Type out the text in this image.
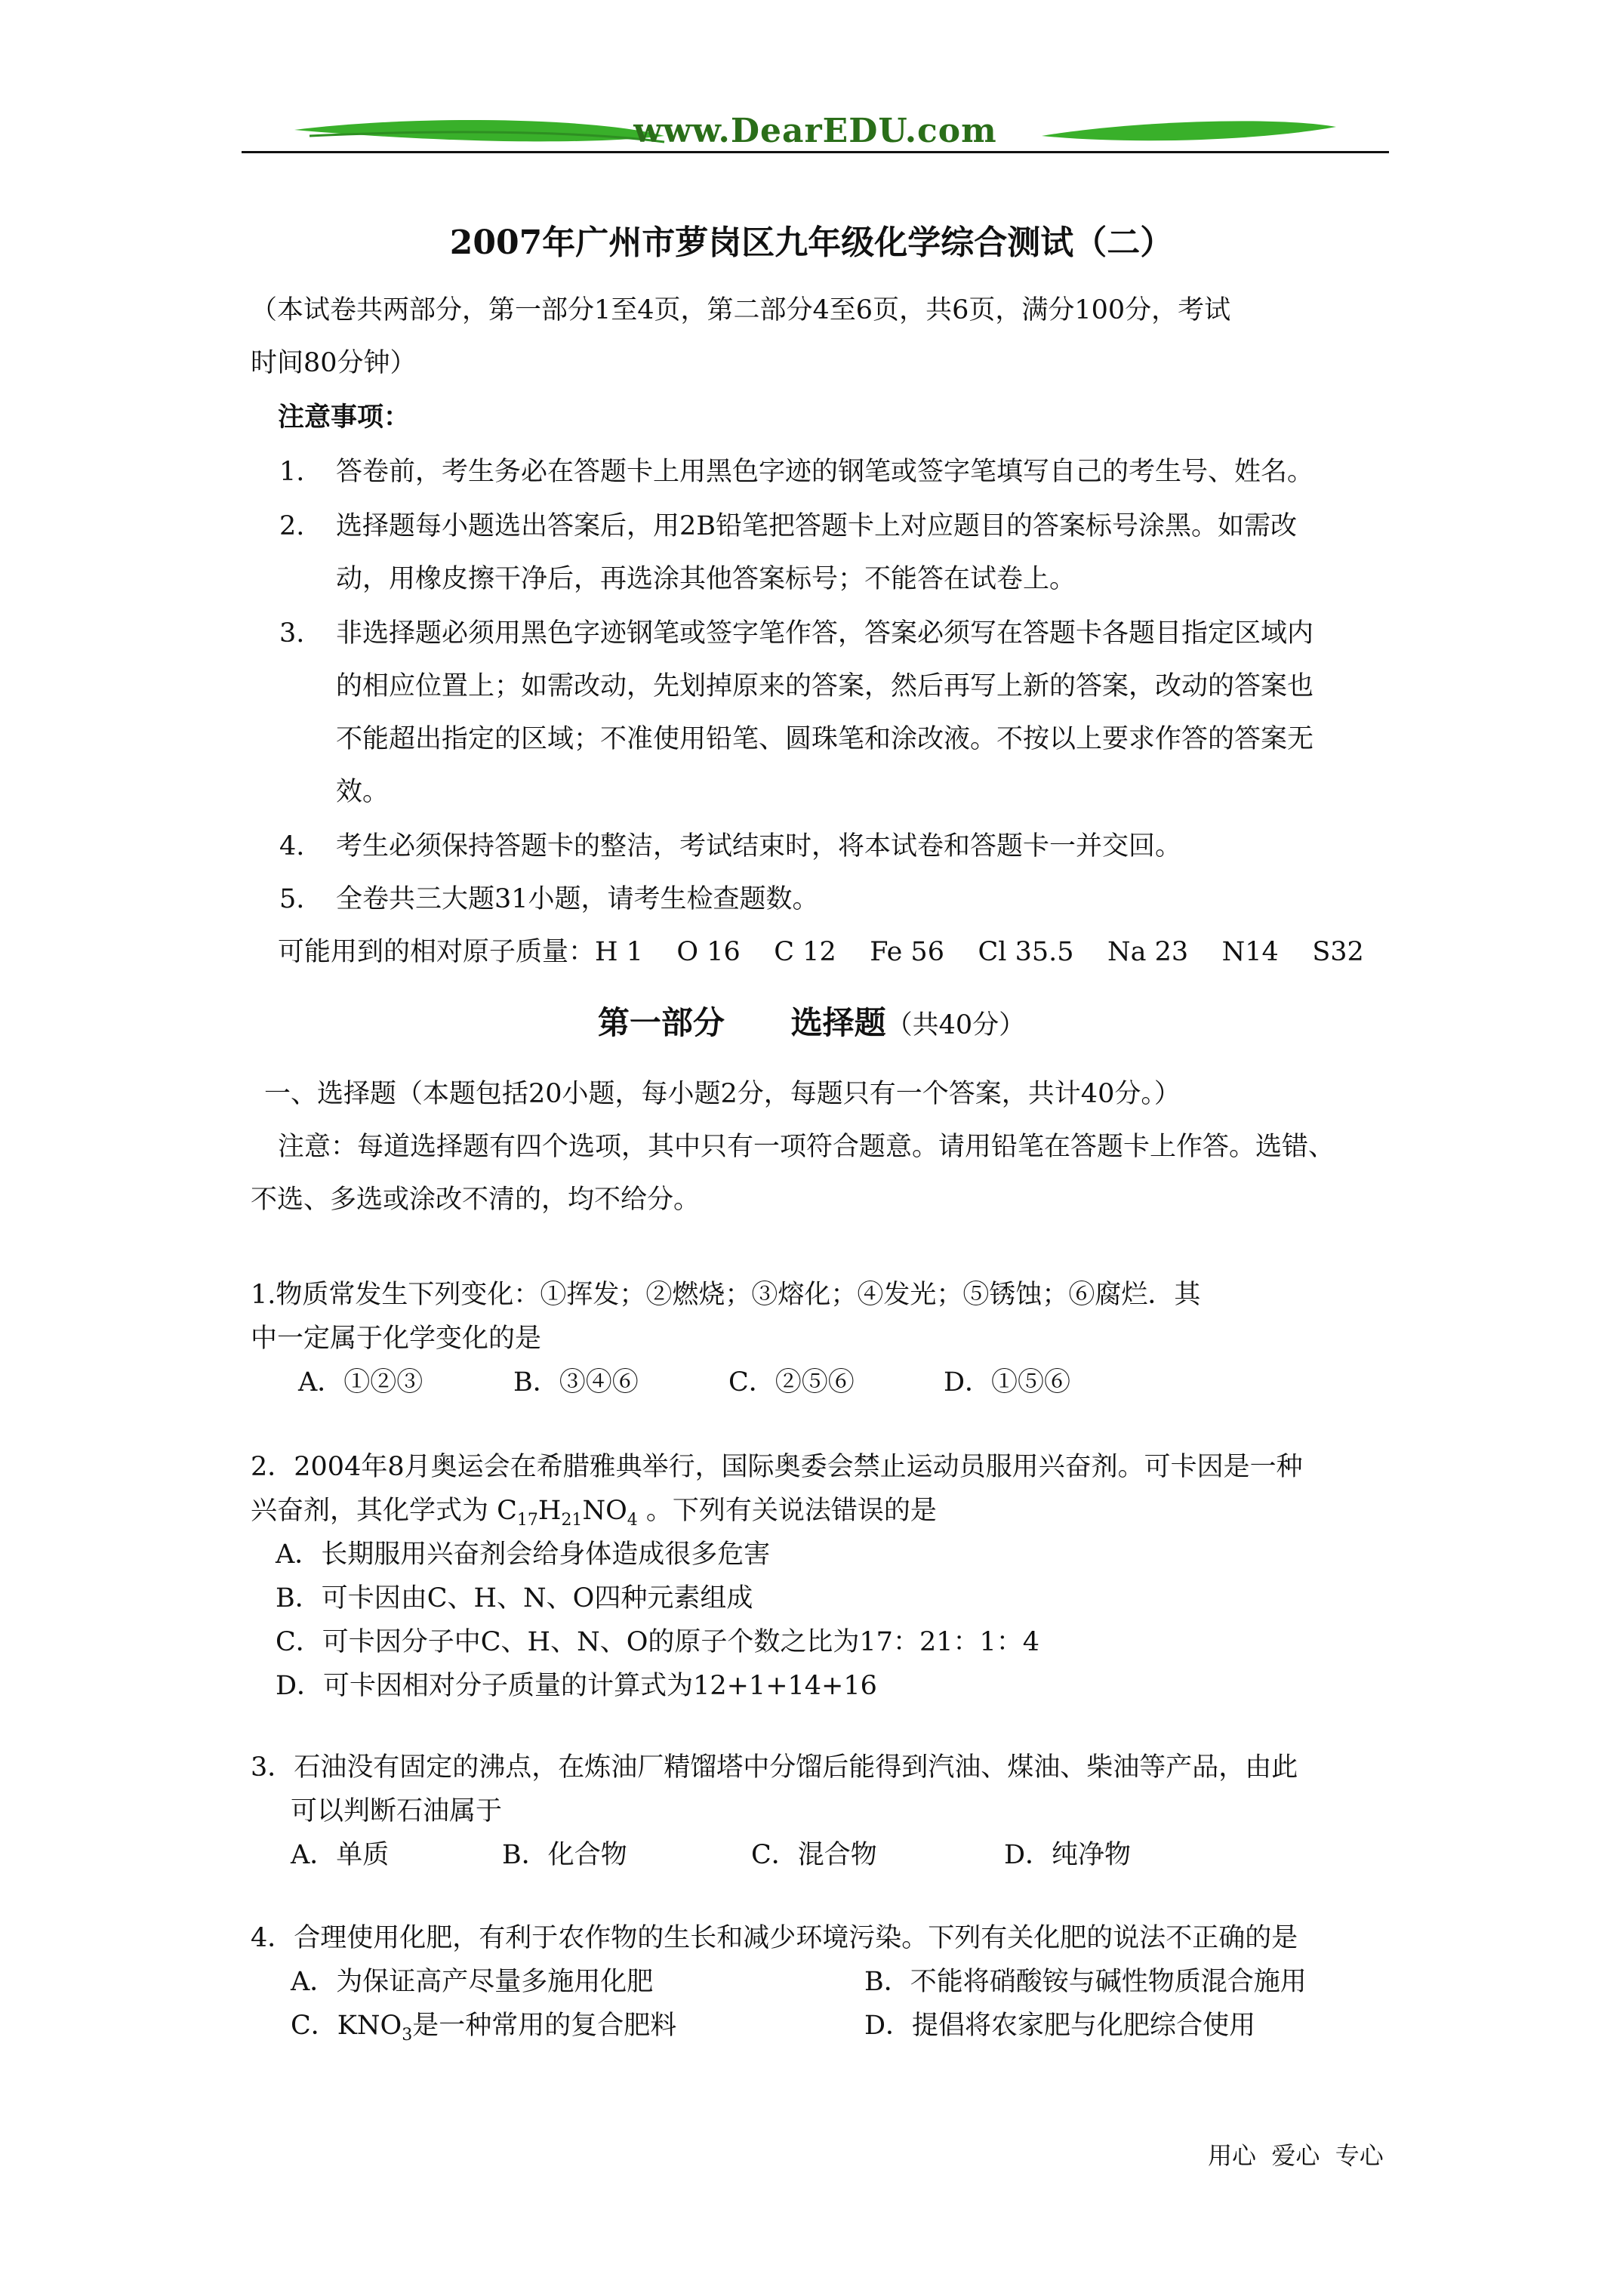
www.DearEDU.com
2007年广州市萝岗区九年级化学综合测试（二）
（本试卷共两部分，第一部分1至4页，第二部分4至6页，共6页，满分100分，考试
时间80分钟）
注意事项：
1. 答卷前，考生务必在答题卡上用黑色字迹的钢笔或签字笔填写自己的考生号、姓名。
2. 选择题每小题选出答案后，用2B铅笔把答题卡上对应题目的答案标号涂黑。如需改
动，用橡皮擦干净后，再选涂其他答案标号；不能答在试卷上。
3. 非选择题必须用黑色字迹钢笔或签字笔作答，答案必须写在答题卡各题目指定区域内
的相应位置上；如需改动，先划掉原来的答案，然后再写上新的答案，改动的答案也
不能超出指定的区域；不准使用铅笔、圆珠笔和涂改液。不按以上要求作答的答案无
效。
4. 考生必须保持答题卡的整洁，考试结束时，将本试卷和答题卡一并交回。
5. 全卷共三大题31小题，请考生检查题数。
可能用到的相对原子质量：H 1    O 16    C 12    Fe 56    Cl 35.5    Na 23    N14    S32
第一部分      选择题（共40分）
一、选择题（本题包括20小题，每小题2分，每题只有一个答案，共计40分。）
注意：每道选择题有四个选项，其中只有一项符合题意。请用铅笔在答题卡上作答。选错、
不选、多选或涂改不清的，均不给分。
1.物质常发生下列变化：①挥发；②燃烧；③熔化；④发光；⑤锈蚀；⑥腐烂．其
中一定属于化学变化的是
A．①②③	B．③④⑥	C．②⑤⑥	D．①⑤⑥
2．2004年8月奥运会在希腊雅典举行，国际奥委会禁止运动员服用兴奋剂。可卡因是一种
兴奋剂，其化学式为 $C_{17}H_{21}NO_4$ 。下列有关说法错误的是
A．长期服用兴奋剂会给身体造成很多危害
B．可卡因由C、H、N、O四种元素组成
C．可卡因分子中C、H、N、O的原子个数之比为17：21：1：4
D．可卡因相对分子质量的计算式为12+1+14+16
3．石油没有固定的沸点，在炼油厂精馏塔中分馏后能得到汽油、煤油、柴油等产品，由此
可以判断石油属于
A．单质	B．化合物	C．混合物	D．纯净物
4．合理使用化肥，有利于农作物的生长和减少环境污染。下列有关化肥的说法不正确的是
A．为保证高产尽量多施用化肥	B．不能将硝酸铵与碱性物质混合施用
C．$KNO_3$是一种常用的复合肥料	D．提倡将农家肥与化肥综合使用
用心  爱心  专心
